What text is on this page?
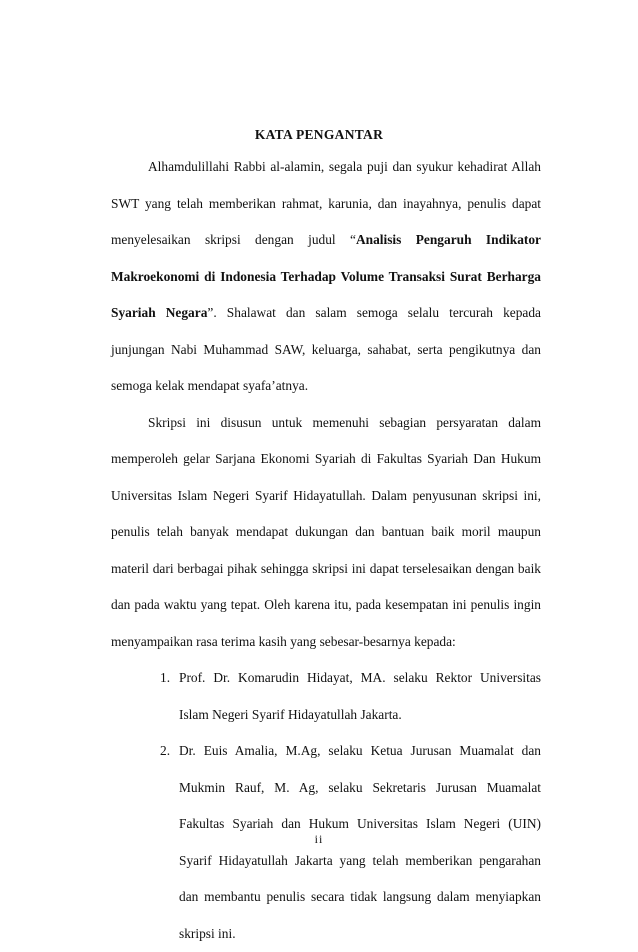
KATA PENGANTAR

Alhamdulillahi Rabbi al-alamin, segala puji dan syukur kehadirat Allah SWT yang telah memberikan rahmat, karunia, dan inayahnya, penulis dapat menyelesaikan skripsi dengan judul “Analisis Pengaruh Indikator Makroekonomi di Indonesia Terhadap Volume Transaksi Surat Berharga Syariah Negara”. Shalawat dan salam semoga selalu tercurah kepada junjungan Nabi Muhammad SAW, keluarga, sahabat, serta pengikutnya dan semoga kelak mendapat syafa’atnya.

Skripsi ini disusun untuk memenuhi sebagian persyaratan dalam memperoleh gelar Sarjana Ekonomi Syariah di Fakultas Syariah Dan Hukum Universitas Islam Negeri Syarif Hidayatullah. Dalam penyusunan skripsi ini, penulis telah banyak mendapat dukungan dan bantuan baik moril maupun materil dari berbagai pihak sehingga skripsi ini dapat terselesaikan dengan baik dan pada waktu yang tepat. Oleh karena itu, pada kesempatan ini penulis ingin menyampaikan rasa terima kasih yang sebesar-besarnya kepada:

1. Prof. Dr. Komarudin Hidayat, MA. selaku Rektor Universitas Islam Negeri Syarif Hidayatullah Jakarta.
2. Dr. Euis Amalia, M.Ag, selaku Ketua Jurusan Muamalat dan Mukmin Rauf, M. Ag, selaku Sekretaris Jurusan Muamalat Fakultas Syariah dan Hukum Universitas Islam Negeri (UIN) Syarif Hidayatullah Jakarta yang telah memberikan pengarahan dan membantu penulis secara tidak langsung dalam menyiapkan skripsi ini.
ii
